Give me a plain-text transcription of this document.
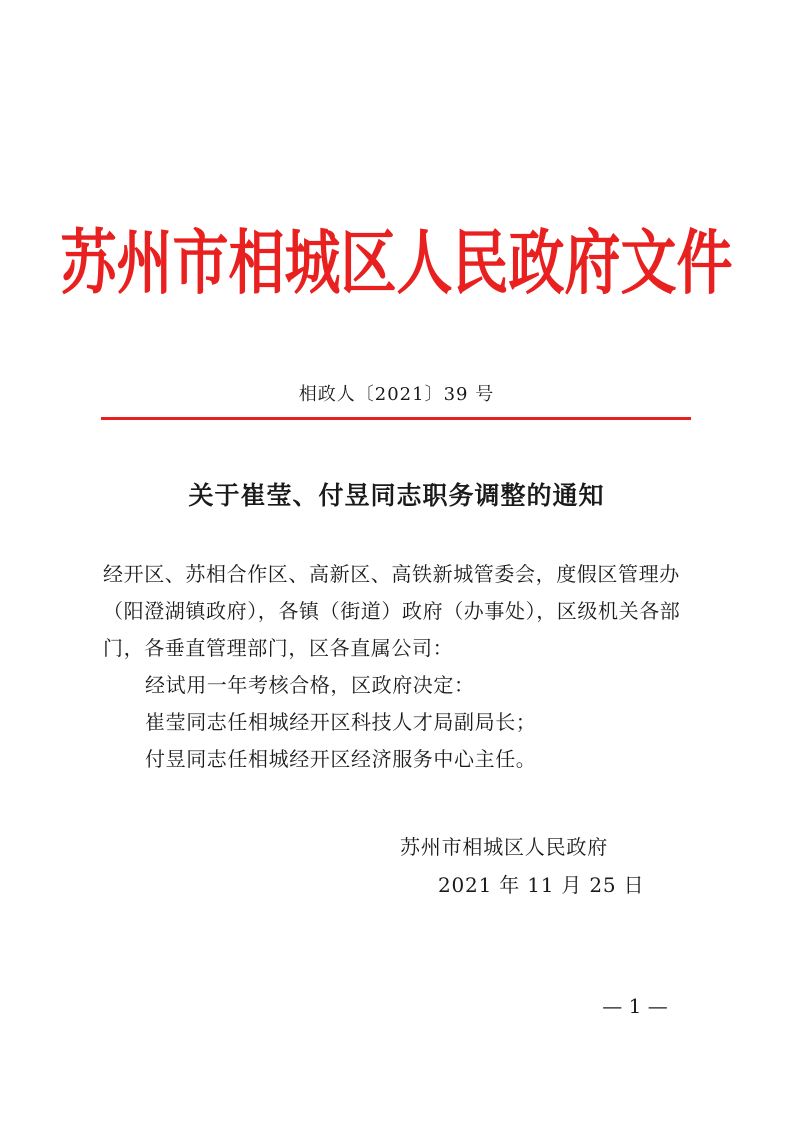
苏州市相城区人民政府文件
相政人〔2021〕39 号
关于崔莹、付昱同志职务调整的通知

经开区、苏相合作区、高新区、高铁新城管委会，度假区管理办（阳澄湖镇政府），各镇（街道）政府（办事处），区级机关各部门，各垂直管理部门，区各直属公司：

经试用一年考核合格，区政府决定：

崔莹同志任相城经开区科技人才局副局长；

付昱同志任相城经开区经济服务中心主任。

苏州市相城区人民政府

2021 年 11 月 25 日

— 1 —
